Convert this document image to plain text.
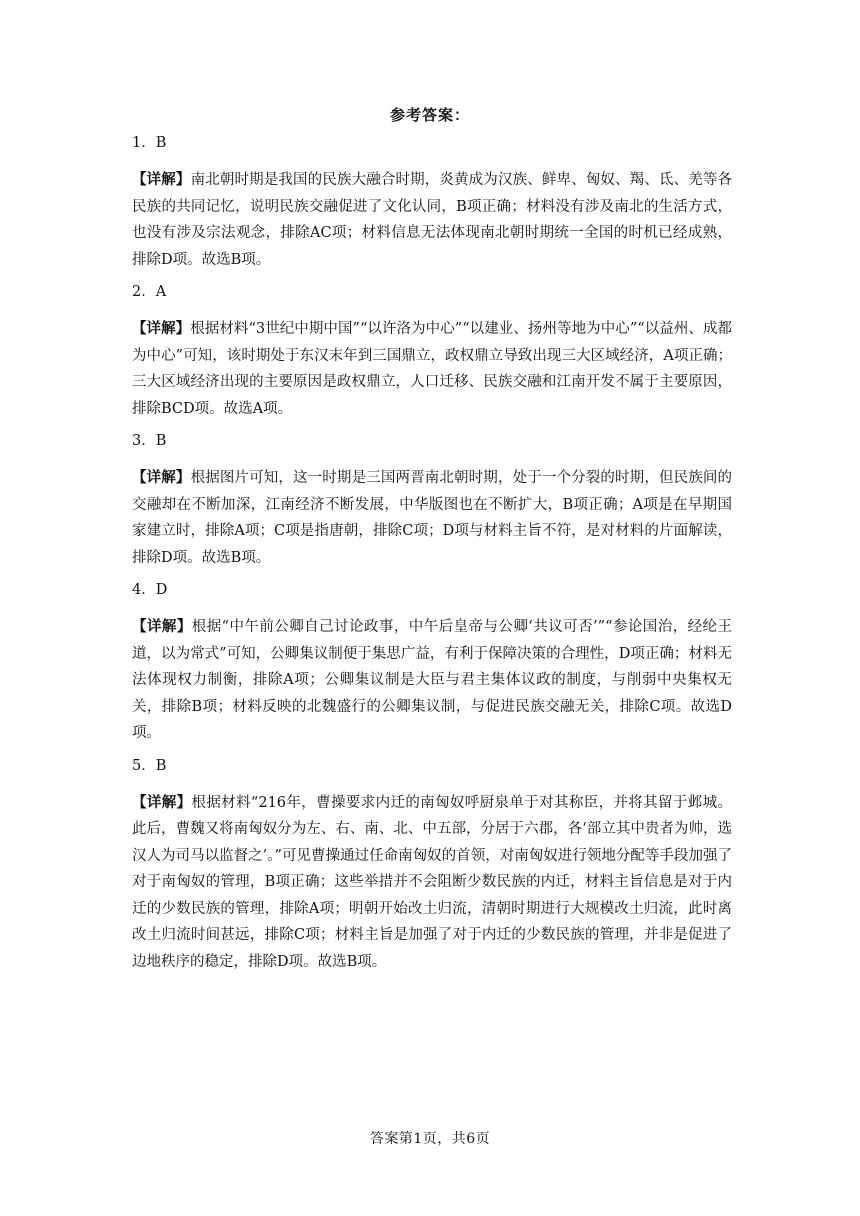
参考答案：
1．B
【详解】南北朝时期是我国的民族大融合时期，炎黄成为汉族、鲜卑、匈奴、羯、氐、羌等各民族的共同记忆，说明民族交融促进了文化认同，B项正确；材料没有涉及南北的生活方式，也没有涉及宗法观念，排除AC项；材料信息无法体现南北朝时期统一全国的时机已经成熟，排除D项。故选B项。
2．A
【详解】根据材料“3世纪中期中国”“以许洛为中心”“以建业、扬州等地为中心”“以益州、成都为中心”可知，该时期处于东汉末年到三国鼎立，政权鼎立导致出现三大区域经济，A项正确；三大区域经济出现的主要原因是政权鼎立，人口迁移、民族交融和江南开发不属于主要原因，排除BCD项。故选A项。
3．B
【详解】根据图片可知，这一时期是三国两晋南北朝时期，处于一个分裂的时期，但民族间的交融却在不断加深，江南经济不断发展，中华版图也在不断扩大，B项正确；A项是在早期国家建立时，排除A项；C项是指唐朝，排除C项；D项与材料主旨不符，是对材料的片面解读，排除D项。故选B项。
4．D
【详解】根据“中午前公卿自己讨论政事，中午后皇帝与公卿‘共议可否’”“参论国治，经纶王道，以为常式”可知，公卿集议制便于集思广益，有利于保障决策的合理性，D项正确；材料无法体现权力制衡，排除A项；公卿集议制是大臣与君主集体议政的制度，与削弱中央集权无关，排除B项；材料反映的北魏盛行的公卿集议制，与促进民族交融无关，排除C项。故选D项。
5．B
【详解】根据材料“216年，曹操要求内迁的南匈奴呼厨泉单于对其称臣，并将其留于邺城。此后，曹魏又将南匈奴分为左、右、南、北、中五部，分居于六郡，各‘部立其中贵者为帅，选汉人为司马以监督之’。”可见曹操通过任命南匈奴的首领，对南匈奴进行领地分配等手段加强了对于南匈奴的管理，B项正确；这些举措并不会阻断少数民族的内迁，材料主旨信息是对于内迁的少数民族的管理，排除A项；明朝开始改土归流，清朝时期进行大规模改土归流，此时离改土归流时间甚远，排除C项；材料主旨是加强了对于内迁的少数民族的管理，并非是促进了边地秩序的稳定，排除D项。故选B项。
答案第1页，共6页
